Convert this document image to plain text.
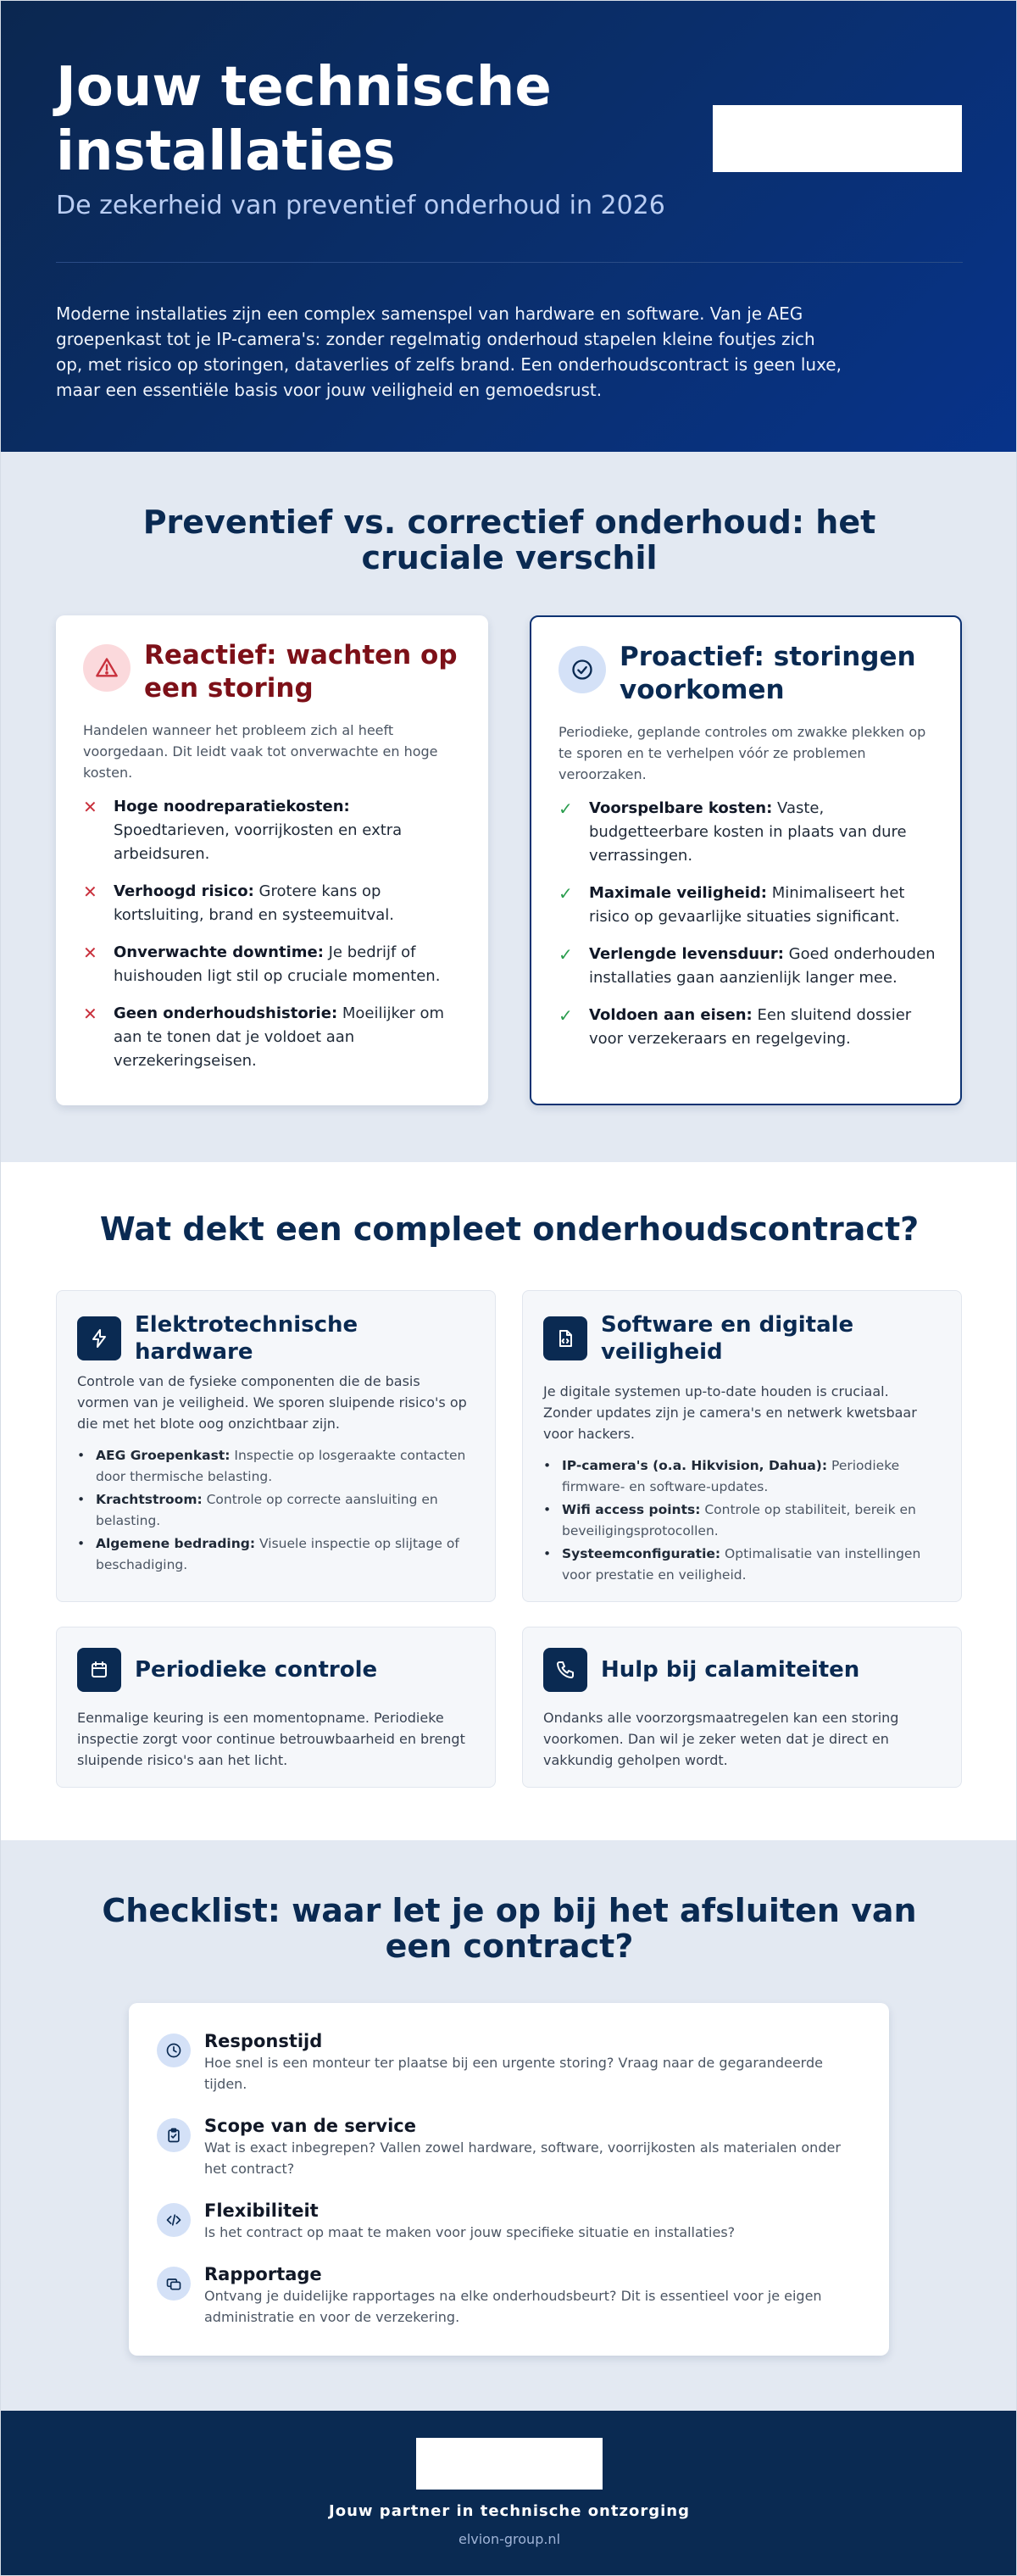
Jouw technische installaties
De zekerheid van preventief onderhoud in 2026

Moderne installaties zijn een complex samenspel van hardware en software. Van je AEG groepenkast tot je IP-camera's: zonder regelmatig onderhoud stapelen kleine foutjes zich op, met risico op storingen, dataverlies of zelfs brand. Een onderhoudscontract is geen luxe, maar een essentiële basis voor jouw veiligheid en gemoedsrust.

Preventief vs. correctief onderhoud: het cruciale verschil
Reactief: wachten op een storing

Handelen wanneer het probleem zich al heeft voorgedaan. Dit leidt vaak tot onverwachte en hoge kosten.

✕	Hoge noodreparatiekosten: Spoedtarieven, voorrijkosten en extra arbeidsuren.
✕	Verhoogd risico: Grotere kans op kortsluiting, brand en systeemuitval.
✕	Onverwachte downtime: Je bedrijf of huishouden ligt stil op cruciale momenten.
✕	Geen onderhoudshistorie: Moeilijker om aan te tonen dat je voldoet aan verzekeringseisen.
Proactief: storingen voorkomen

Periodieke, geplande controles om zwakke plekken op te sporen en te verhelpen vóór ze problemen veroorzaken.

✓	Voorspelbare kosten: Vaste, budgetteerbare kosten in plaats van dure verrassingen.
✓	Maximale veiligheid: Minimaliseert het risico op gevaarlijke situaties significant.
✓	Verlengde levensduur: Goed onderhouden installaties gaan aanzienlijk langer mee.
✓	Voldoen aan eisen: Een sluitend dossier voor verzekeraars en regelgeving.
Wat dekt een compleet onderhoudscontract?
Elektrotechnische hardware

Controle van de fysieke componenten die de basis vormen van je veiligheid. We sporen sluipende risico's op die met het blote oog onzichtbaar zijn.

• AEG Groepenkast: Inspectie op losgeraakte contacten door thermische belasting.
• Krachtstroom: Controle op correcte aansluiting en belasting.
• Algemene bedrading: Visuele inspectie op slijtage of beschadiging.
Software en digitale veiligheid

Je digitale systemen up-to-date houden is cruciaal. Zonder updates zijn je camera's en netwerk kwetsbaar voor hackers.

• IP-camera's (o.a. Hikvision, Dahua): Periodieke firmware- en software-updates.
• Wifi access points: Controle op stabiliteit, bereik en beveiligingsprotocollen.
• Systeemconfiguratie: Optimalisatie van instellingen voor prestatie en veiligheid.
Periodieke controle

Eenmalige keuring is een momentopname. Periodieke inspectie zorgt voor continue betrouwbaarheid en brengt sluipende risico's aan het licht.

Hulp bij calamiteiten

Ondanks alle voorzorgsmaatregelen kan een storing voorkomen. Dan wil je zeker weten dat je direct en vakkundig geholpen wordt.

Checklist: waar let je op bij het afsluiten van een contract?
Responstijd
Hoe snel is een monteur ter plaatse bij een urgente storing? Vraag naar de gegarandeerde tijden.
Scope van de service
Wat is exact inbegrepen? Vallen zowel hardware, software, voorrijkosten als materialen onder het contract?
Flexibiliteit
Is het contract op maat te maken voor jouw specifieke situatie en installaties?
Rapportage
Ontvang je duidelijke rapportages na elke onderhoudsbeurt? Dit is essentieel voor je eigen administratie en voor de verzekering.
Jouw partner in technische ontzorging
elvion-group.nl
